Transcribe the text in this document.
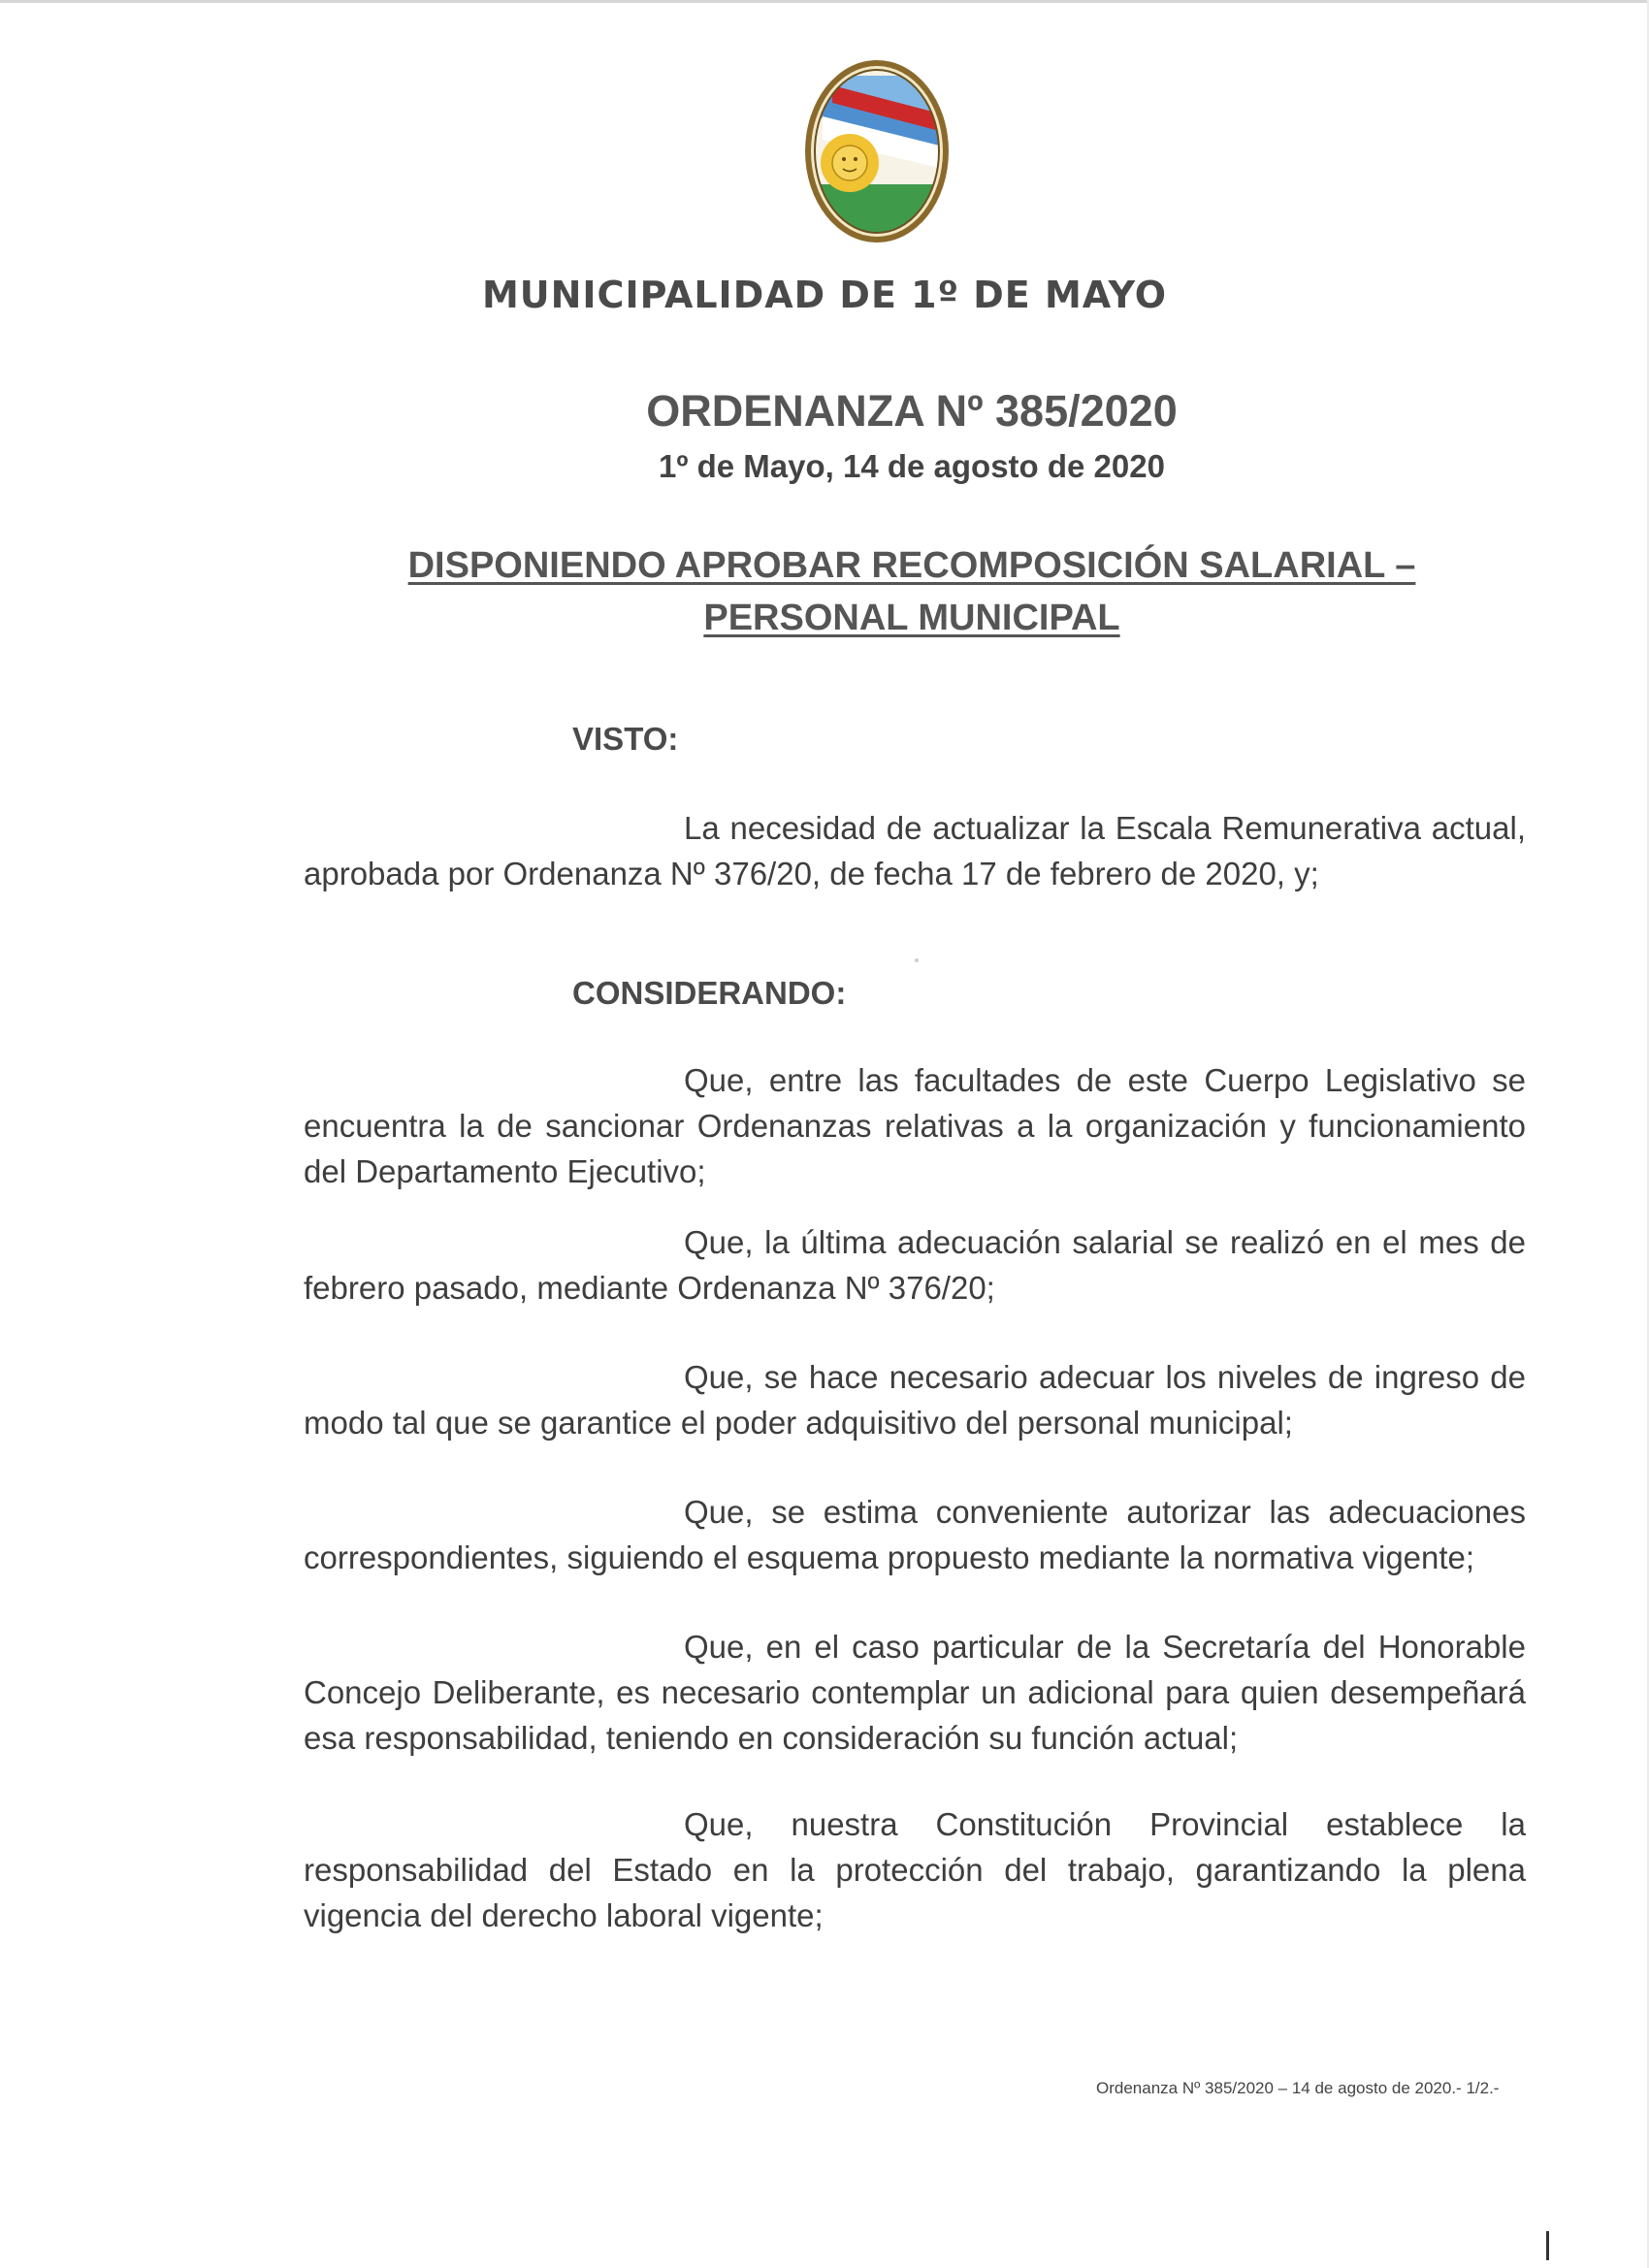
MUNICIPALIDAD DE 1º DE MAYO
ORDENANZA Nº 385/2020
1º de Mayo, 14 de agosto de 2020
DISPONIENDO APROBAR RECOMPOSICIÓN SALARIAL –
PERSONAL MUNICIPAL
VISTO:
La necesidad de actualizar la Escala Remunerativa actual, aprobada por Ordenanza Nº 376/20, de fecha 17 de febrero de 2020, y;
CONSIDERANDO:
Que, entre las facultades de este Cuerpo Legislativo se encuentra la de sancionar Ordenanzas relativas a la organización y funcionamiento del Departamento Ejecutivo;
Que, la última adecuación salarial se realizó en el mes de febrero pasado, mediante Ordenanza Nº 376/20;
Que, se hace necesario adecuar los niveles de ingreso de modo tal que se garantice el poder adquisitivo del personal municipal;
Que, se estima conveniente autorizar las adecuaciones correspondientes, siguiendo el esquema propuesto mediante la normativa vigente;
Que, en el caso particular de la Secretaría del Honorable Concejo Deliberante, es necesario contemplar un adicional para quien desempeñará esa responsabilidad, teniendo en consideración su función actual;
Que, nuestra Constitución Provincial establece la responsabilidad del Estado en la protección del trabajo, garantizando la plena vigencia del derecho laboral vigente;
Ordenanza Nº 385/2020 – 14 de agosto de 2020.- 1/2.-
